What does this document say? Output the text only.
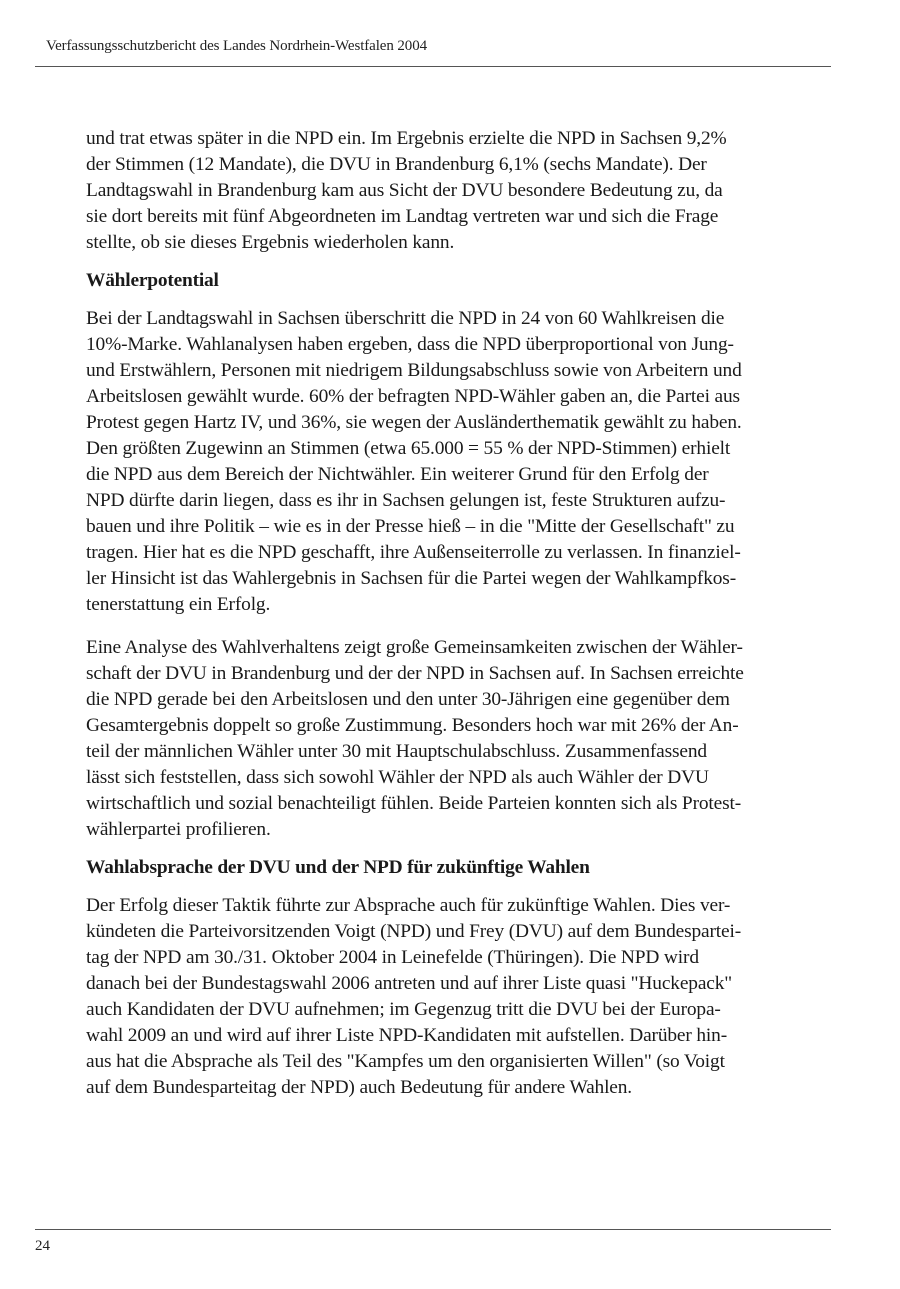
Verfassungsschutzbericht des Landes Nordrhein-Westfalen 2004

und trat etwas später in die NPD ein. Im Ergebnis erzielte die NPD in Sachsen 9,2%
der Stimmen (12 Mandate), die DVU in Brandenburg 6,1% (sechs Mandate). Der
Landtagswahl in Brandenburg kam aus Sicht der DVU besondere Bedeutung zu, da
sie dort bereits mit fünf Abgeordneten im Landtag vertreten war und sich die Frage
stellte, ob sie dieses Ergebnis wiederholen kann.

Wählerpotential

Bei der Landtagswahl in Sachsen überschritt die NPD in 24 von 60 Wahlkreisen die
10%-Marke. Wahlanalysen haben ergeben, dass die NPD überproportional von Jung-
und Erstwählern, Personen mit niedrigem Bildungsabschluss sowie von Arbeitern und
Arbeitslosen gewählt wurde. 60% der befragten NPD-Wähler gaben an, die Partei aus
Protest gegen Hartz IV, und 36%, sie wegen der Ausländerthematik gewählt zu haben.
Den größten Zugewinn an Stimmen (etwa 65.000 = 55 % der NPD-Stimmen) erhielt
die NPD aus dem Bereich der Nichtwähler. Ein weiterer Grund für den Erfolg der
NPD dürfte darin liegen, dass es ihr in Sachsen gelungen ist, feste Strukturen aufzu-
bauen und ihre Politik – wie es in der Presse hieß – in die "Mitte der Gesellschaft" zu
tragen. Hier hat es die NPD geschafft, ihre Außenseiterrolle zu verlassen. In finanziel-
ler Hinsicht ist das Wahlergebnis in Sachsen für die Partei wegen der Wahlkampfkos-
tenerstattung ein Erfolg.

Eine Analyse des Wahlverhaltens zeigt große Gemeinsamkeiten zwischen der Wähler-
schaft der DVU in Brandenburg und der der NPD in Sachsen auf. In Sachsen erreichte
die NPD gerade bei den Arbeitslosen und den unter 30-Jährigen eine gegenüber dem
Gesamtergebnis doppelt so große Zustimmung. Besonders hoch war mit 26% der An-
teil der männlichen Wähler unter 30 mit Hauptschulabschluss. Zusammenfassend
lässt sich feststellen, dass sich sowohl Wähler der NPD als auch Wähler der DVU
wirtschaftlich und sozial benachteiligt fühlen. Beide Parteien konnten sich als Protest-
wählerpartei profilieren.

Wahlabsprache der DVU und der NPD für zukünftige Wahlen

Der Erfolg dieser Taktik führte zur Absprache auch für zukünftige Wahlen. Dies ver-
kündeten die Parteivorsitzenden Voigt (NPD) und Frey (DVU) auf dem Bundespartei-
tag der NPD am 30./31. Oktober 2004 in Leinefelde (Thüringen). Die NPD wird
danach bei der Bundestagswahl 2006 antreten und auf ihrer Liste quasi "Huckepack"
auch Kandidaten der DVU aufnehmen; im Gegenzug tritt die DVU bei der Europa-
wahl 2009 an und wird auf ihrer Liste NPD-Kandidaten mit aufstellen. Darüber hin-
aus hat die Absprache als Teil des "Kampfes um den organisierten Willen" (so Voigt
auf dem Bundesparteitag der NPD) auch Bedeutung für andere Wahlen.

24
